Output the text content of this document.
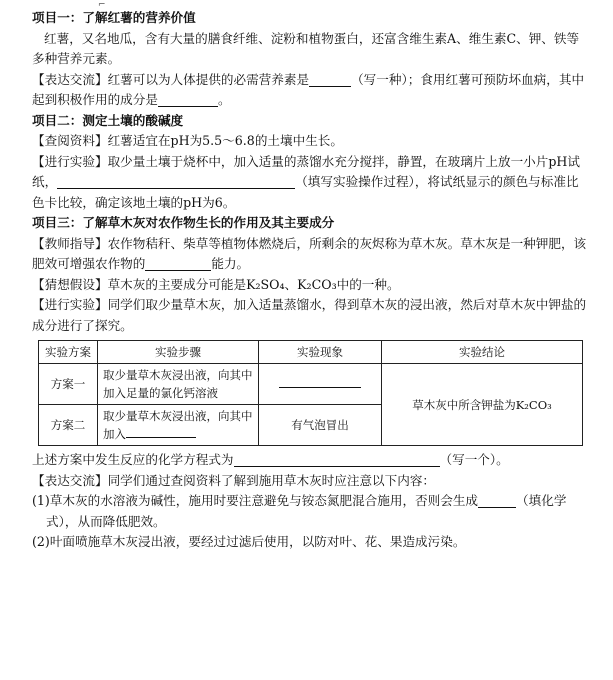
⌐

项目一：了解红薯的营养价值

红薯，又名地瓜，含有大量的膳食纤维、淀粉和植物蛋白，还富含维生素A、维生素C、钾、铁等多种营养元素。

【表达交流】红薯可以为人体提供的必需营养素是	（写一种）；食用红薯可预防坏血病，其中起到积极作用的成分是	。

项目二：测定土壤的酸碱度

【查阅资料】红薯适宜在pH为5.5～6.8的土壤中生长。

【进行实验】取少量土壤于烧杯中，加入适量的蒸馏水充分搅拌，静置，在玻璃片上放一小片pH试纸，	（填写实验操作过程），将试纸显示的颜色与标准比色卡比较，确定该地土壤的pH为6。

项目三：了解草木灰对农作物生长的作用及其主要成分

【教师指导】农作物秸秆、柴草等植物体燃烧后，所剩余的灰烬称为草木灰。草木灰是一种钾肥，该肥效可增强农作物的	能力。

【猜想假设】草木灰的主要成分可能是K₂SO₄、K₂CO₃中的一种。

【进行实验】同学们取少量草木灰，加入适量蒸馏水，得到草木灰的浸出液，然后对草木灰中钾盐的成分进行了探究。

实验方案	实验步骤	实验现象	实验结论
方案一	取少量草木灰浸出液，向其中加入足量的氯化钙溶液		草木灰中所含钾盐为K₂CO₃
方案二	取少量草木灰浸出液，向其中加入	有气泡冒出	

上述方案中发生反应的化学方程式为	（写一个）。

【表达交流】同学们通过查阅资料了解到施用草木灰时应注意以下内容：

(1)草木灰的水溶液为碱性，施用时要注意避免与铵态氮肥混合施用，否则会生成	（填化学式），从而降低肥效。

(2)叶面喷施草木灰浸出液，要经过过滤后使用，以防对叶、花、果造成污染。
